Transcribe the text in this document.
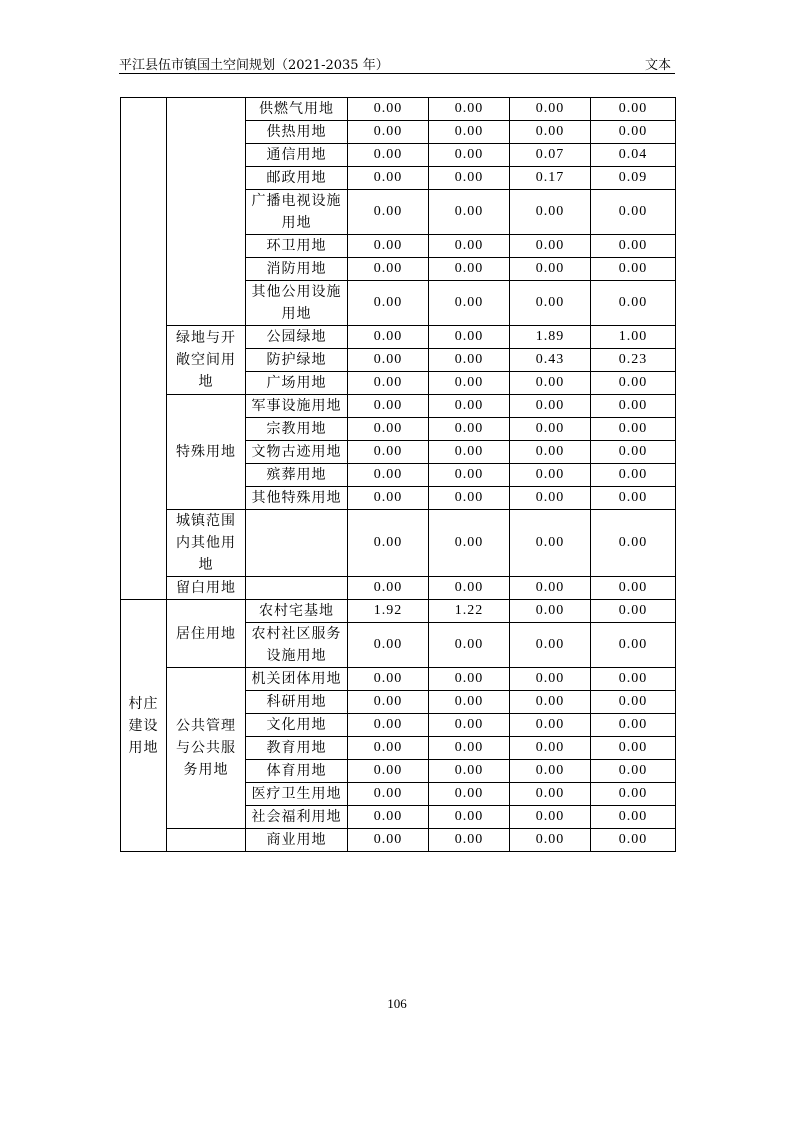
平江县伍市镇国土空间规划（2021-2035 年）	文本
		供燃气用地	0.00	0.00	0.00	0.00
		供热用地	0.00	0.00	0.00	0.00
		通信用地	0.00	0.00	0.07	0.04
		邮政用地	0.00	0.00	0.17	0.09
		广播电视设施用地	0.00	0.00	0.00	0.00
		环卫用地	0.00	0.00	0.00	0.00
		消防用地	0.00	0.00	0.00	0.00
		其他公用设施用地	0.00	0.00	0.00	0.00
	绿地与开敞空间用地	公园绿地	0.00	0.00	1.89	1.00
		防护绿地	0.00	0.00	0.43	0.23
		广场用地	0.00	0.00	0.00	0.00
	特殊用地	军事设施用地	0.00	0.00	0.00	0.00
		宗教用地	0.00	0.00	0.00	0.00
		文物古迹用地	0.00	0.00	0.00	0.00
		殡葬用地	0.00	0.00	0.00	0.00
		其他特殊用地	0.00	0.00	0.00	0.00
	城镇范围内其他用地		0.00	0.00	0.00	0.00
	留白用地		0.00	0.00	0.00	0.00
村庄建设用地	居住用地	农村宅基地	1.92	1.22	0.00	0.00
		农村社区服务设施用地	0.00	0.00	0.00	0.00
	公共管理与公共服务用地	机关团体用地	0.00	0.00	0.00	0.00
		科研用地	0.00	0.00	0.00	0.00
		文化用地	0.00	0.00	0.00	0.00
		教育用地	0.00	0.00	0.00	0.00
		体育用地	0.00	0.00	0.00	0.00
		医疗卫生用地	0.00	0.00	0.00	0.00
		社会福利用地	0.00	0.00	0.00	0.00
		商业用地	0.00	0.00	0.00	0.00
106
